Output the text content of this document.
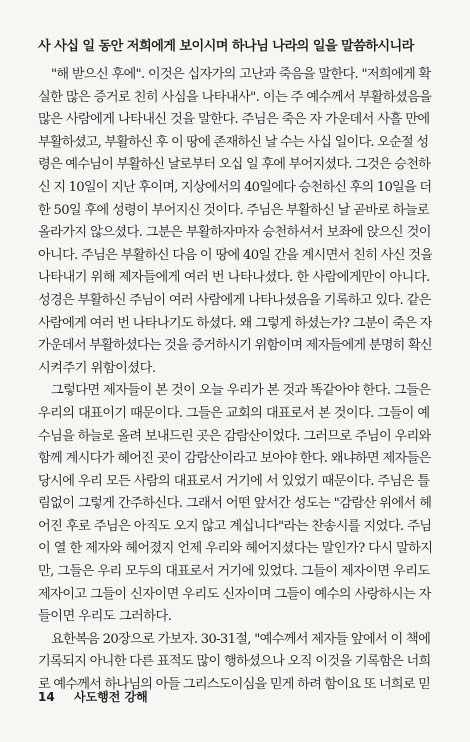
사 사십 일 동안 저희에게 보이시며 하나님 나라의 일을 말씀하시니라

"해 받으신 후에". 이것은 십자가의 고난과 죽음을 말한다. "저희에게 확
실한 많은 증거로 친히 사심을 나타내사". 이는 주 예수께서 부활하셨음을
많은 사람에게 나타내신 것을 말한다. 주님은 죽은 자 가운데서 사흘 만에
부활하셨고, 부활하신 후 이 땅에 존재하신 날 수는 사십 일이다. 오순절 성
령은 예수님이 부활하신 날로부터 오십 일 후에 부어지셨다. 그것은 승천하
신 지 10일이 지난 후이며, 지상에서의 40일에다 승천하신 후의 10일을 더
한 50일 후에 성령이 부어지신 것이다. 주님은 부활하신 날 곧바로 하늘로
올라가지 않으셨다. 그분은 부활하자마자 승천하셔서 보좌에 앉으신 것이
아니다. 주님은 부활하신 다음 이 땅에 40일 간을 계시면서 친히 사신 것을
나타내기 위해 제자들에게 여러 번 나타나셨다. 한 사람에게만이 아니다.
성경은 부활하신 주님이 여러 사람에게 나타나셨음을 기록하고 있다. 같은
사람에게 여러 번 나타나기도 하셨다. 왜 그렇게 하셨는가? 그분이 죽은 자
가운데서 부활하셨다는 것을 증거하시기 위함이며 제자들에게 분명히 확신
시켜주기 위함이셨다.

그렇다면 제자들이 본 것이 오늘 우리가 본 것과 똑같아야 한다. 그들은
우리의 대표이기 때문이다. 그들은 교회의 대표로서 본 것이다. 그들이 예
수님을 하늘로 올려 보내드린 곳은 감람산이었다. 그러므로 주님이 우리와
함께 계시다가 헤어진 곳이 감람산이라고 보아야 한다. 왜냐하면 제자들은
당시에 우리 모든 사람의 대표로서 거기에 서 있었기 때문이다. 주님은 틀
림없이 그렇게 간주하신다. 그래서 어떤 앞서간 성도는 "감람산 위에서 헤
어진 후로 주님은 아직도 오지 않고 계십니다"라는 찬송시를 지었다. 주님
이 열 한 제자와 헤어졌지 언제 우리와 헤어지셨다는 말인가? 다시 말하지
만, 그들은 우리 모두의 대표로서 거기에 있었다. 그들이 제자이면 우리도
제자이고 그들이 신자이면 우리도 신자이며 그들이 예수의 사랑하시는 자
들이면 우리도 그러하다.

요한복음 20장으로 가보자. 30-31절, "예수께서 제자들 앞에서 이 책에
기록되지 아니한 다른 표적도 많이 행하셨으나 오직 이것을 기록함은 너희
로 예수께서 하나님의 아들 그리스도이심을 믿게 하려 함이요 또 너희로 믿

14 사도행전 강해
